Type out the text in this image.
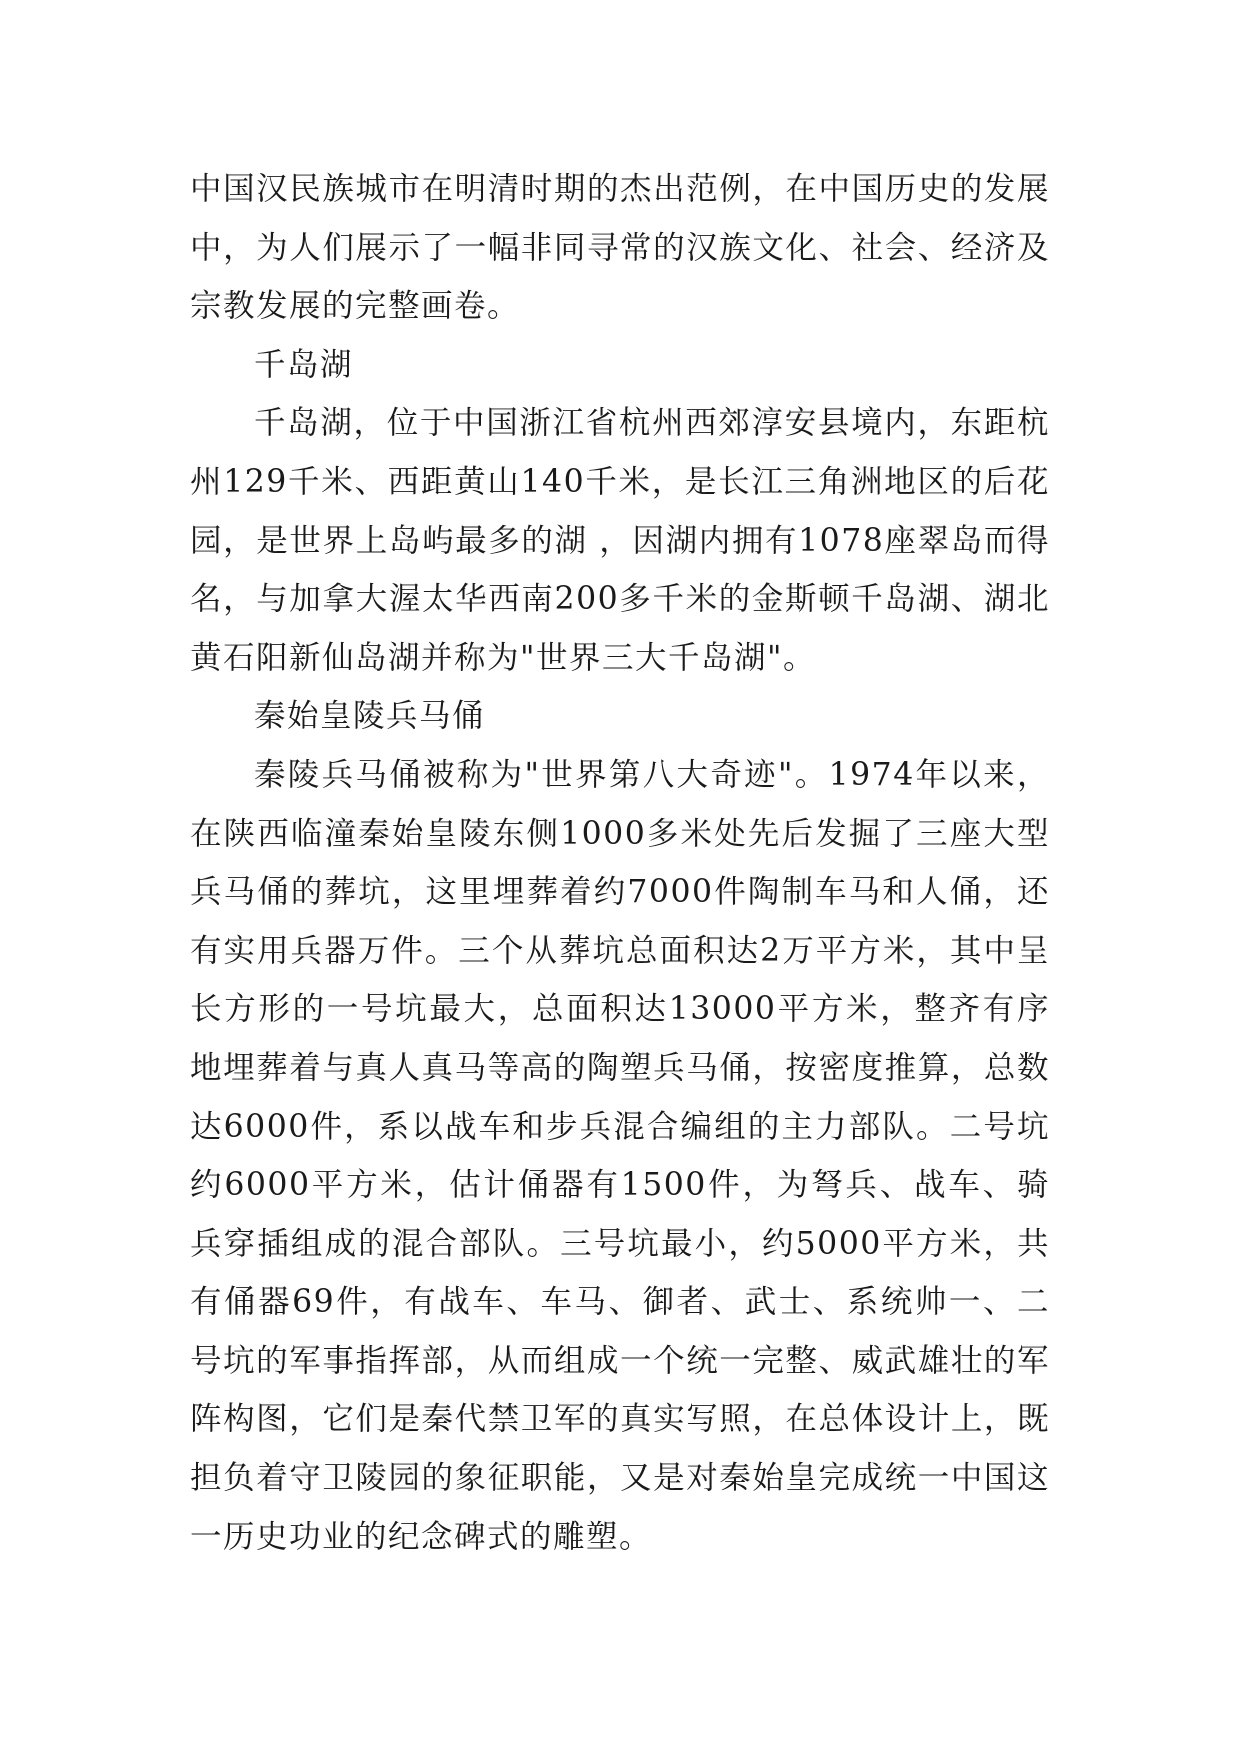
中国汉民族城市在明清时期的杰出范例，在中国历史的发展中，为人们展示了一幅非同寻常的汉族文化、社会、经济及宗教发展的完整画卷。

千岛湖

千岛湖，位于中国浙江省杭州西郊淳安县境内，东距杭州129千米、西距黄山140千米，是长江三角洲地区的后花园，是世界上岛屿最多的湖 ，因湖内拥有1078座翠岛而得名，与加拿大渥太华西南200多千米的金斯顿千岛湖、湖北黄石阳新仙岛湖并称为"世界三大千岛湖"。

秦始皇陵兵马俑

秦陵兵马俑被称为"世界第八大奇迹"。1974年以来，在陕西临潼秦始皇陵东侧1000多米处先后发掘了三座大型兵马俑的葬坑，这里埋葬着约7000件陶制车马和人俑，还有实用兵器万件。三个从葬坑总面积达2万平方米，其中呈长方形的一号坑最大，总面积达13000平方米，整齐有序地埋葬着与真人真马等高的陶塑兵马俑，按密度推算，总数达6000件，系以战车和步兵混合编组的主力部队。二号坑约6000平方米，估计俑器有1500件，为弩兵、战车、骑兵穿插组成的混合部队。三号坑最小，约5000平方米，共有俑器69件，有战车、车马、御者、武士、系统帅一、二号坑的军事指挥部，从而组成一个统一完整、威武雄壮的军阵构图，它们是秦代禁卫军的真实写照，在总体设计上，既担负着守卫陵园的象征职能，又是对秦始皇完成统一中国这一历史功业的纪念碑式的雕塑。
